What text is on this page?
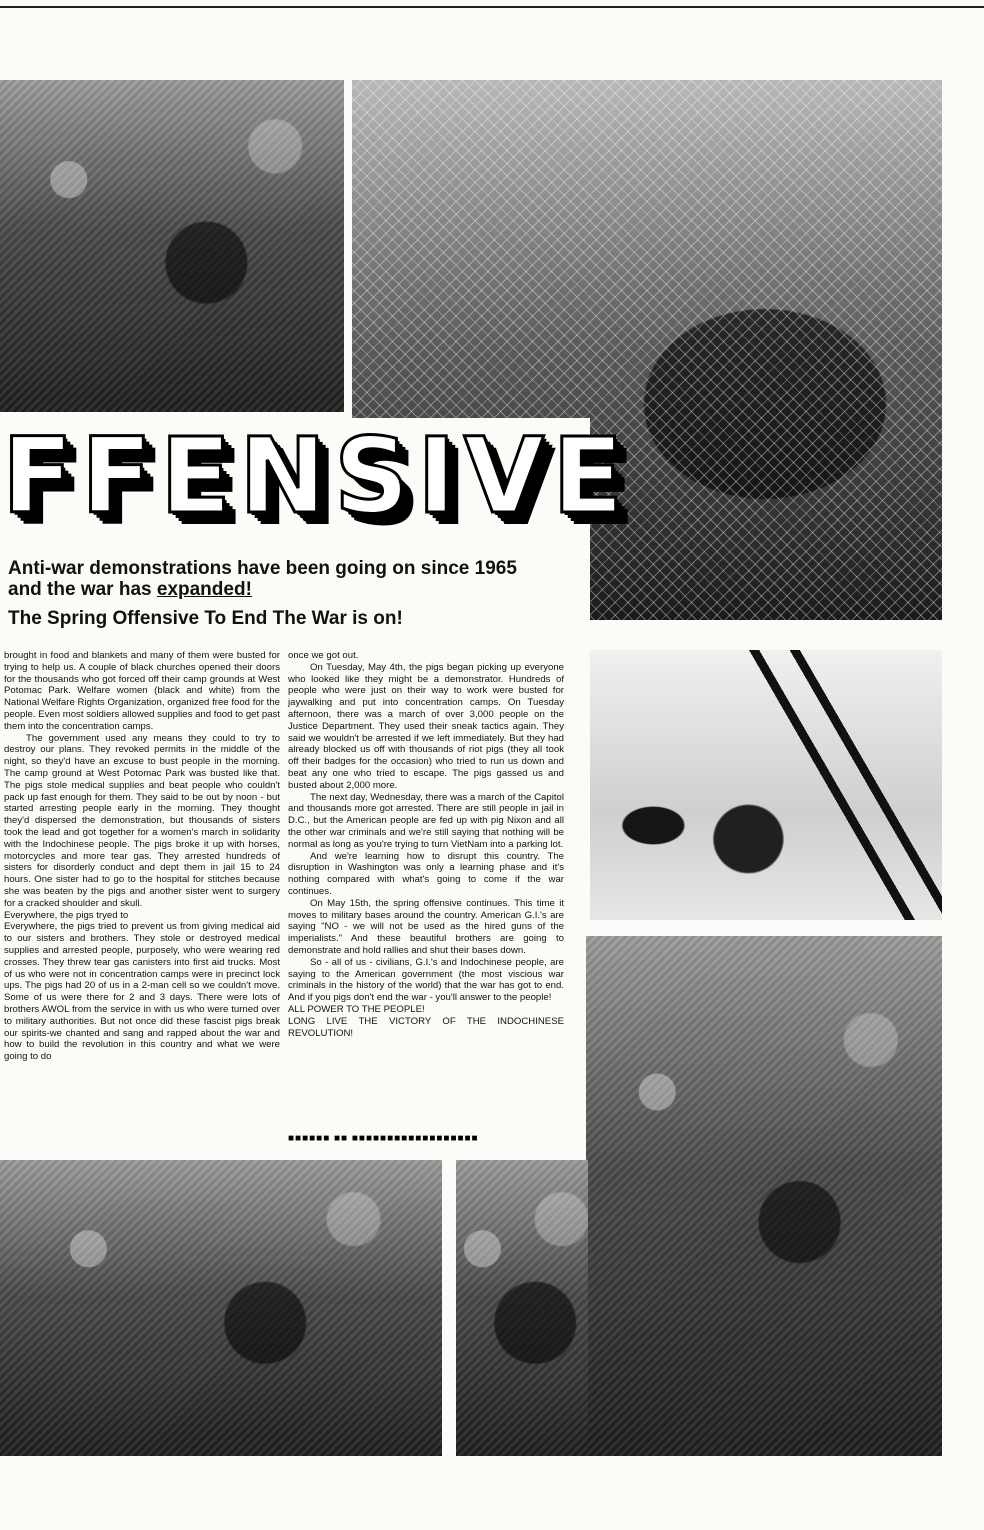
FFENSIVE
Anti-war demonstrations have been going on since 1965
and the war has expanded!
The Spring Offensive To End The War is on!

brought in food and blankets and many of them were busted for trying to help us. A couple of black churches opened their doors for the thousands who got forced off their camp grounds at West Potomac Park. Welfare women (black and white) from the National Welfare Rights Organization, organized free food for the people. Even most soldiers allowed supplies and food to get past them into the concentration camps.

The government used any means they could to try to destroy our plans. They revoked permits in the middle of the night, so they'd have an excuse to bust people in the morning. The camp ground at West Potomac Park was busted like that. The pigs stole medical supplies and beat people who couldn't pack up fast enough for them. They said to be out by noon - but started arresting people early in the morning. They thought they'd dispersed the demonstration, but thousands of sisters took the lead and got together for a women's march in solidarity with the Indochinese people. The pigs broke it up with horses, motorcycles and more tear gas. They arrested hundreds of sisters for disorderly conduct and dept them in jail 15 to 24 hours. One sister had to go to the hospital for stitches because she was beaten by the pigs and another sister went to surgery for a cracked shoulder and skull.

Everywhere, the pigs tryed to

Everywhere, the pigs tried to prevent us from giving medical aid to our sisters and brothers. They stole or destroyed medical supplies and arrested people, purposely, who were wearing red crosses. They threw tear gas canisters into first aid trucks. Most of us who were not in concentration camps were in precinct lock ups. The pigs had 20 of us in a 2-man cell so we couldn't move. Some of us were there for 2 and 3 days. There were lots of brothers AWOL from the service in with us who were turned over to military authorities. But not once did these fascist pigs break our spirits-we chanted and sang and rapped about the war and how to build the revolution in this country and what we were going to do

once we got out.

On Tuesday, May 4th, the pigs began picking up everyone who looked like they might be a demonstrator. Hundreds of people who were just on their way to work were busted for jaywalking and put into concentration camps. On Tuesday afternoon, there was a march of over 3,000 people on the Justice Department. They used their sneak tactics again. They said we wouldn't be arrested if we left immediately. But they had already blocked us off with thousands of riot pigs (they all took off their badges for the occasion) who tried to run us down and beat any one who tried to escape. The pigs gassed us and busted about 2,000 more.

The next day, Wednesday, there was a march of the Capitol and thousands more got arrested. There are still people in jail in D.C., but the American people are fed up with pig Nixon and all the other war criminals and we're still saying that nothing will be normal as long as you're trying to turn VietNam into a parking lot.

And we're learning how to disrupt this country. The disruption in Washington was only a learning phase and it's nothing compared with what's going to come if the war continues.

On May 15th, the spring offensive continues. This time it moves to military bases around the country. American G.I.'s are saying "NO - we will not be used as the hired guns of the imperialists." And these beautiful brothers are going to demonstrate and hold rallies and shut their bases down.

So - all of us - civilians, G.I.'s and Indochinese people, are saying to the American government (the most viscious war criminals in the history of the world) that the war has got to end. And if you pigs don't end the war - you'll answer to the people!

ALL POWER TO THE PEOPLE!

LONG LIVE THE VICTORY OF THE INDOCHINESE REVOLUTION!

■■■■■■ ■■ ■■■■■■■■■■■■■■■■■■
